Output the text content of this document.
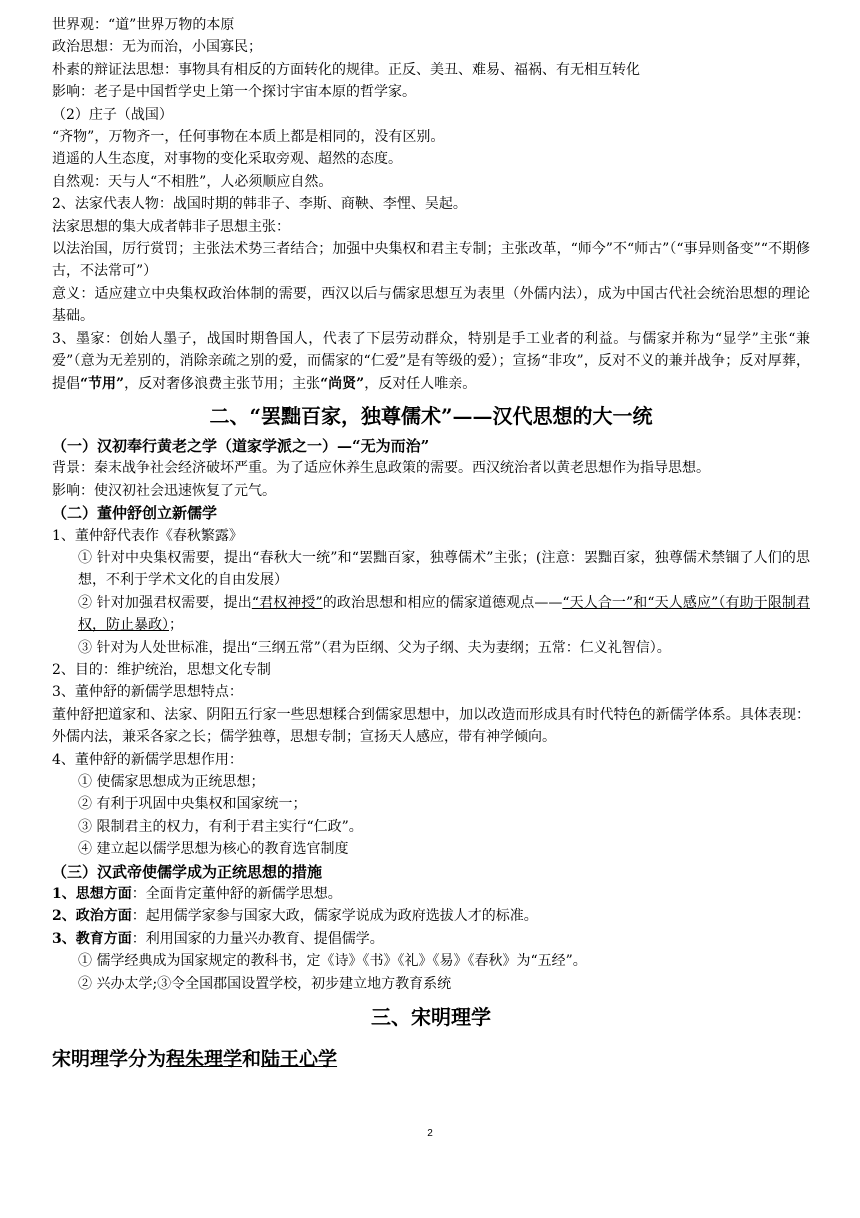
世界观：“道”世界万物的本原
政治思想：无为而治，小国寡民；
朴素的辩证法思想：事物具有相反的方面转化的规律。正反、美丑、难易、福祸、有无相互转化
影响：老子是中国哲学史上第一个探讨宇宙本原的哲学家。
（2）庄子（战国）
“齐物”，万物齐一，任何事物在本质上都是相同的，没有区别。
逍遥的人生态度，对事物的变化采取旁观、超然的态度。
自然观：天与人“不相胜”，人必须顺应自然。
2、法家代表人物：战国时期的韩非子、李斯、商鞅、李悝、吴起。
法家思想的集大成者韩非子思想主张：
以法治国，厉行赏罚；主张法术势三者结合；加强中央集权和君主专制；主张改革，“师今”不“师古”（“事异则备变”“不期修古，不法常可”）
意义：适应建立中央集权政治体制的需要，西汉以后与儒家思想互为表里（外儒内法），成为中国古代社会统治思想的理论基础。
3、墨家：创始人墨子，战国时期鲁国人，代表了下层劳动群众，特别是手工业者的利益。与儒家并称为“显学”主张“兼爱”（意为无差别的，消除亲疏之别的爱，而儒家的“仁爱”是有等级的爱）；宣扬“非攻”，反对不义的兼并战争；反对厚葬，提倡“节用”，反对奢侈浪费主张节用；主张“尚贤”，反对任人唯亲。
二、“罢黜百家，独尊儒术”——汉代思想的大一统
（一）汉初奉行黄老之学（道家学派之一）—“无为而治”
背景：秦末战争社会经济破坏严重。为了适应休养生息政策的需要。西汉统治者以黄老思想作为指导思想。
影响：使汉初社会迅速恢复了元气。
（二）董仲舒创立新儒学
1、董仲舒代表作《春秋繁露》
① 针对中央集权需要，提出“春秋大一统”和“罢黜百家，独尊儒术”主张；(注意：罢黜百家，独尊儒术禁锢了人们的思想，不利于学术文化的自由发展）
② 针对加强君权需要，提出“君权神授”的政治思想和相应的儒家道德观点——“天人合一”和“天人感应”（有助于限制君权，防止暴政）；
③ 针对为人处世标准，提出“三纲五常”（君为臣纲、父为子纲、夫为妻纲；五常：仁义礼智信）。
2、目的：维护统治，思想文化专制
3、董仲舒的新儒学思想特点：
董仲舒把道家和、法家、阴阳五行家一些思想糅合到儒家思想中，加以改造而形成具有时代特色的新儒学体系。具体表现：外儒内法，兼采各家之长；儒学独尊，思想专制；宣扬天人感应，带有神学倾向。
4、董仲舒的新儒学思想作用：
① 使儒家思想成为正统思想；
② 有利于巩固中央集权和国家统一；
③ 限制君主的权力，有利于君主实行“仁政”。
④ 建立起以儒学思想为核心的教育选官制度
（三）汉武帝使儒学成为正统思想的措施
1、思想方面：全面肯定董仲舒的新儒学思想。
2、政治方面：起用儒学家参与国家大政，儒家学说成为政府选拔人才的标准。
3、教育方面：利用国家的力量兴办教育、提倡儒学。
① 儒学经典成为国家规定的教科书，定《诗》《书》《礼》《易》《春秋》为“五经”。
② 兴办太学;③令全国郡国设置学校，初步建立地方教育系统
三、宋明理学
宋明理学分为程朱理学和陆王心学
2
